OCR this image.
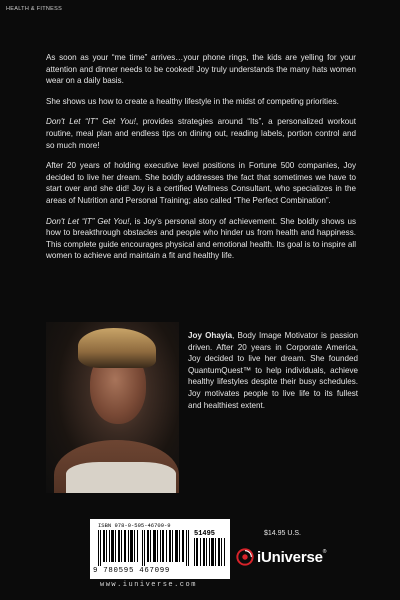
HEALTH & FITNESS

As soon as your “me time” arrives…your phone rings, the kids are yelling for your attention and dinner needs to be cooked! Joy truly understands the many hats women wear on a daily basis.

She shows us how to create a healthy lifestyle in the midst of competing priorities.

Don't Let “IT” Get You!, provides strategies around “Its”, a personalized workout routine, meal plan and endless tips on dining out, reading labels, portion control and so much more!

After 20 years of holding executive level positions in Fortune 500 companies, Joy decided to live her dream. She boldly addresses the fact that sometimes we have to start over and she did! Joy is a certified Wellness Consultant, who specializes in the areas of Nutrition and Personal Training; also called “The Perfect Combination”.

Don't Let “IT” Get You!, is Joy’s personal story of achievement. She boldly shows us how to breakthrough obstacles and people who hinder us from health and happiness. This complete guide encourages physical and emotional health. Its goal is to inspire all women to achieve and maintain a fit and healthy life.

Joy Ohayia, Body Image Motivator is passion driven. After 20 years in Corporate America, Joy decided to live her dream. She founded QuantumQuest™ to help individuals, achieve healthy lifestyles despite their busy schedules. Joy motivates people to live life to its fullest and healthiest extent.
ISBN 978-0-595-46709-9
51495
9 780595 467099
www.iuniverse.com
$14.95 U.S.
iUniverse®
